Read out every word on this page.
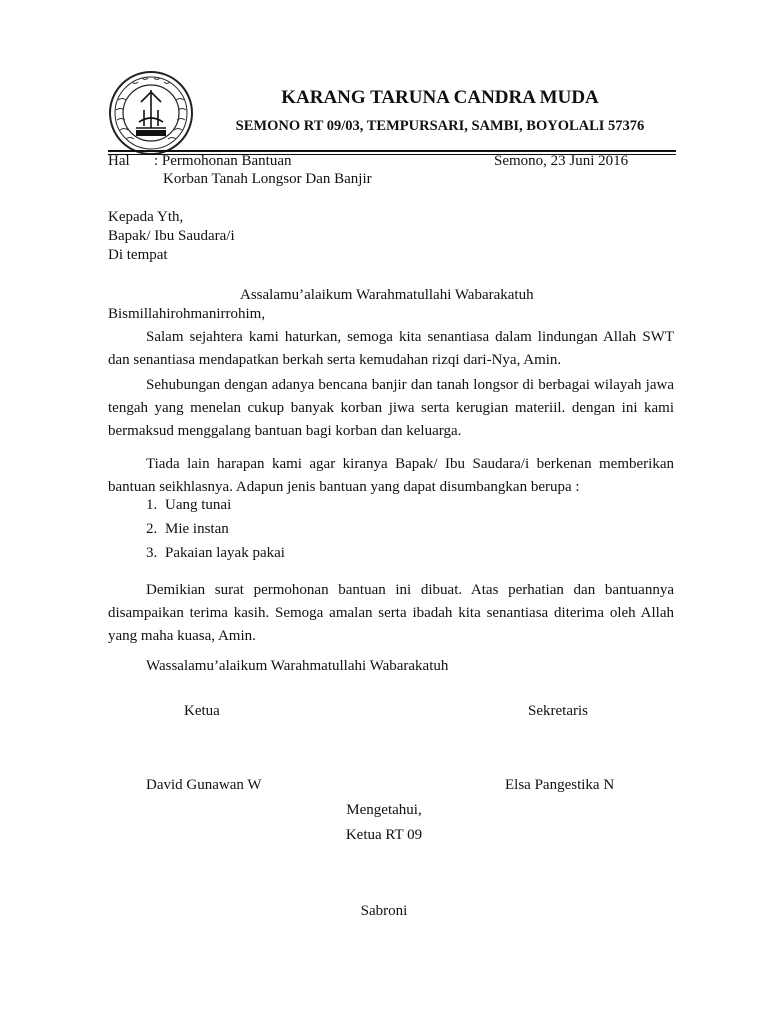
KARANG TARUNA CANDRA MUDA
SEMONO RT 09/03, TEMPURSARI, SAMBI, BOYOLALI 57376
Hal : Permohonan Bantuan
Korban Tanah Longsor Dan Banjir
Semono, 23 Juni 2016
Kepada Yth,
Bapak/ Ibu Saudara/i
Di tempat
Assalamu’alaikum Warahmatullahi Wabarakatuh
Bismillahirohmanirrohim,

Salam sejahtera kami haturkan, semoga kita senantiasa dalam lindungan Allah SWT dan senantiasa mendapatkan berkah serta kemudahan rizqi dari-Nya, Amin.

Sehubungan dengan adanya bencana banjir dan tanah longsor di berbagai wilayah jawa tengah yang menelan cukup banyak korban jiwa serta kerugian materiil. dengan ini kami bermaksud menggalang bantuan bagi korban dan keluarga.

Tiada lain harapan kami agar kiranya Bapak/ Ibu Saudara/i berkenan memberikan bantuan seikhlasnya. Adapun jenis bantuan yang dapat disumbangkan berupa :

1. Uang tunai
2. Mie instan
3. Pakaian layak pakai

Demikian surat permohonan bantuan ini dibuat. Atas perhatian dan bantuannya disampaikan terima kasih. Semoga amalan serta ibadah kita senantiasa diterima oleh Allah yang maha kuasa, Amin.

Wassalamu’alaikum Warahmatullahi Wabarakatuh
Ketua	Sekretaris
David Gunawan W	Elsa Pangestika N
Mengetahui,
Ketua RT 09
Sabroni
